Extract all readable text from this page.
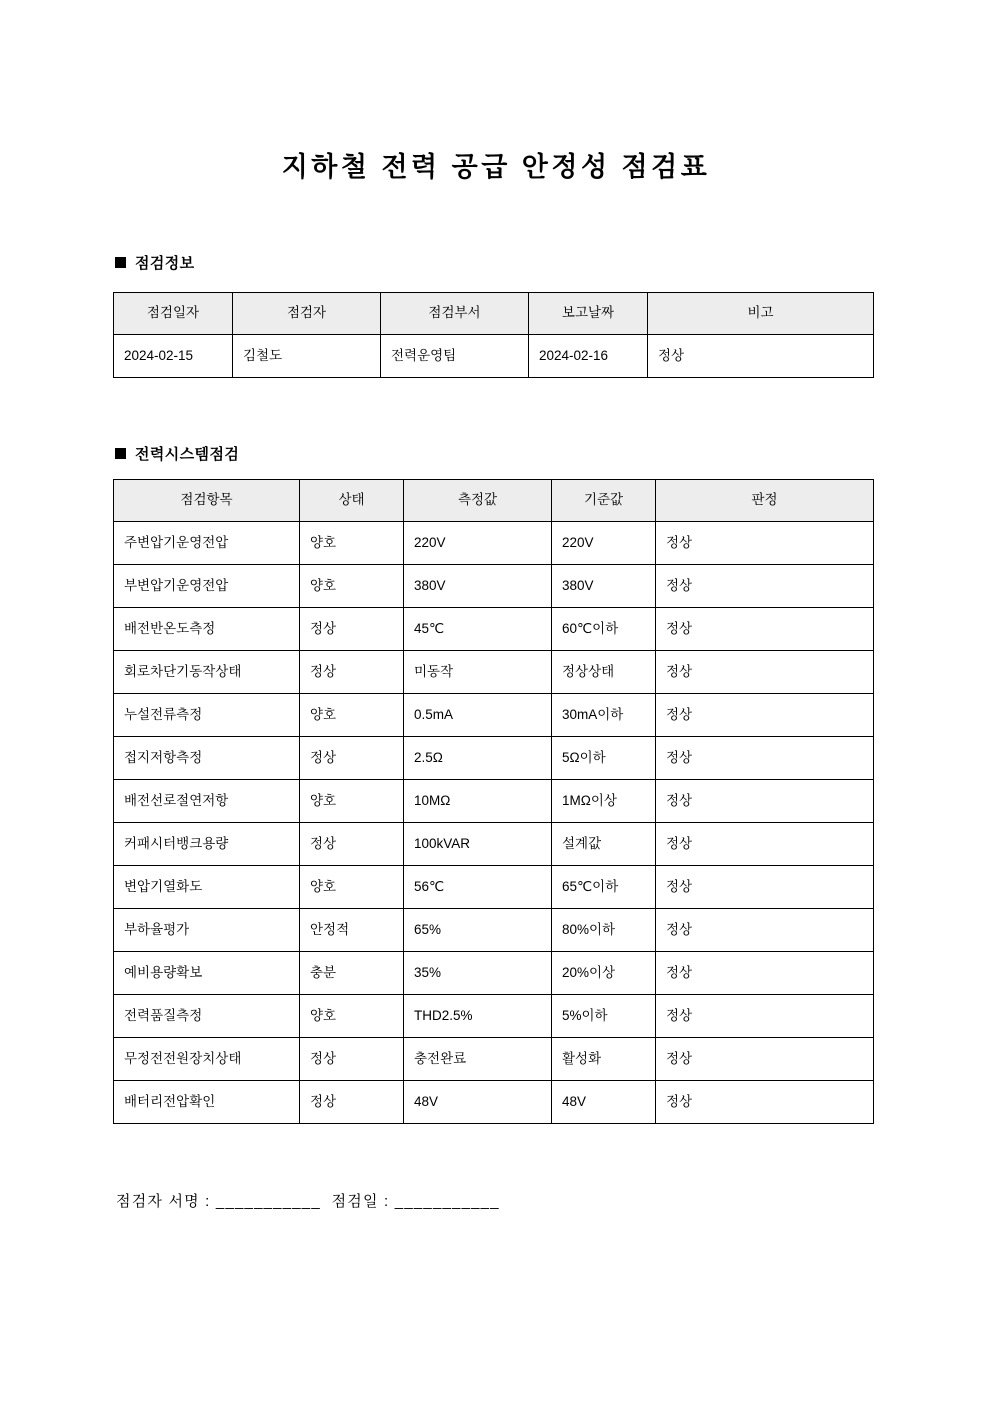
지하철 전력 공급 안정성 점검표
점검정보
점검일자	점검자	점검부서	보고날짜	비고
2024-02-15	김철도	전력운영팀	2024-02-16	정상
전력시스템점검
점검항목	상태	측정값	기준값	판정
주변압기운영전압	양호	220V	220V	정상
부변압기운영전압	양호	380V	380V	정상
배전반온도측정	정상	45℃	60℃이하	정상
회로차단기동작상태	정상	미동작	정상상태	정상
누설전류측정	양호	0.5mA	30mA이하	정상
접지저항측정	정상	2.5Ω	5Ω이하	정상
배전선로절연저항	양호	10MΩ	1MΩ이상	정상
커패시터뱅크용량	정상	100kVAR	설계값	정상
변압기열화도	양호	56℃	65℃이하	정상
부하율평가	안정적	65%	80%이하	정상
예비용량확보	충분	35%	20%이상	정상
전력품질측정	양호	THD2.5%	5%이하	정상
무정전전원장치상태	정상	충전완료	활성화	정상
배터리전압확인	정상	48V	48V	정상
점검자 서명 : ___________  점검일 : ___________
